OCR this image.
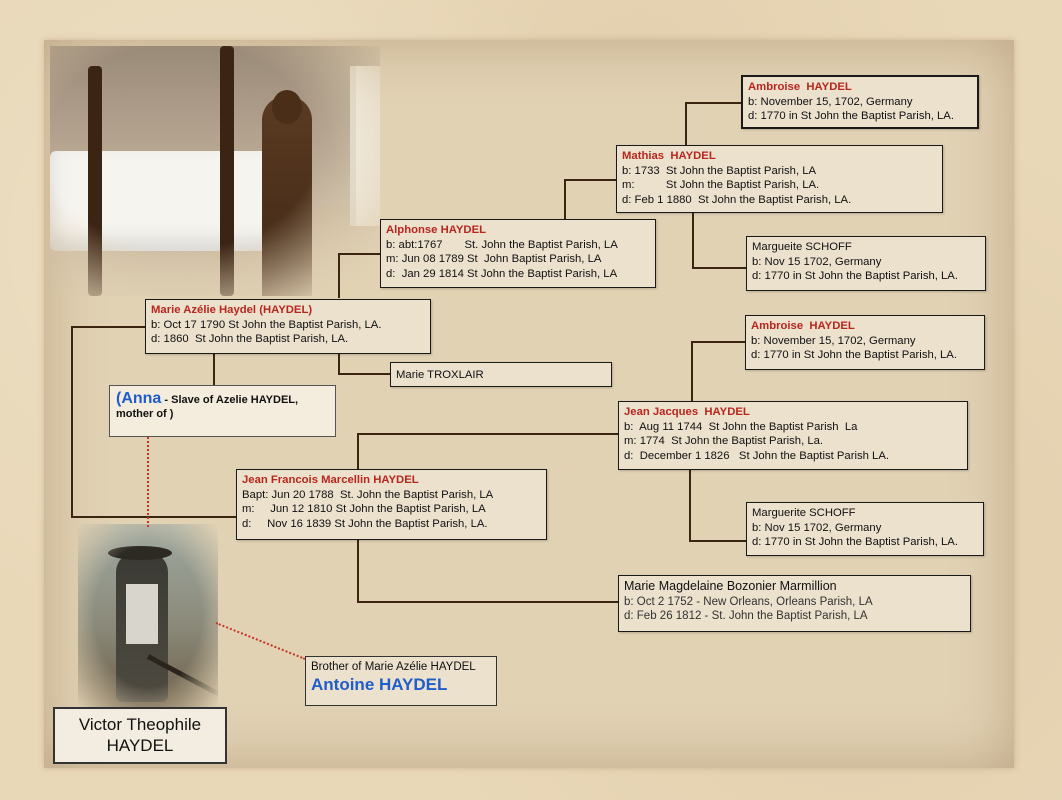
Ambroise  HAYDEL
b: November 15, 1702, Germany
d: 1770 in St John the Baptist Parish, LA.
Mathias  HAYDEL
b: 1733  St John the Baptist Parish, LA
m:          St John the Baptist Parish, LA.
d: Feb 1 1880  St John the Baptist Parish, LA.
Margueite SCHOFF
b: Nov 15 1702, Germany
d: 1770 in St John the Baptist Parish, LA.
Alphonse HAYDEL
b: abt:1767       St. John the Baptist Parish, LA
m: Jun 08 1789 St  John Baptist Parish, LA
d:  Jan 29 1814 St John the Baptist Parish, LA
Marie Azélie Haydel (HAYDEL)
b: Oct 17 1790 St John the Baptist Parish, LA.
d: 1860  St John the Baptist Parish, LA.
Marie TROXLAIR
Ambroise  HAYDEL
b: November 15, 1702, Germany
d: 1770 in St John the Baptist Parish, LA.
Jean Jacques  HAYDEL
b:  Aug 11 1744  St John the Baptist Parish  La
m: 1774  St John the Baptist Parish, La.
d:  December 1 1826   St John the Baptist Parish LA.
Jean Francois Marcellin HAYDEL
Bapt: Jun 20 1788  St. John the Baptist Parish, LA
m:     Jun 12 1810 St John the Baptist Parish, LA
d:     Nov 16 1839 St John the Baptist Parish, LA.
Marguerite SCHOFF
b: Nov 15 1702, Germany
d: 1770 in St John the Baptist Parish, LA.
Marie Magdelaine Bozonier Marmillion
b: Oct 2 1752 - New Orleans, Orleans Parish, LA
d: Feb 26 1812 - St. John the Baptist Parish, LA
(Anna - Slave of Azelie HAYDEL,
mother of )
Brother of Marie Azélie HAYDEL
Antoine HAYDEL
Victor Theophile
HAYDEL
